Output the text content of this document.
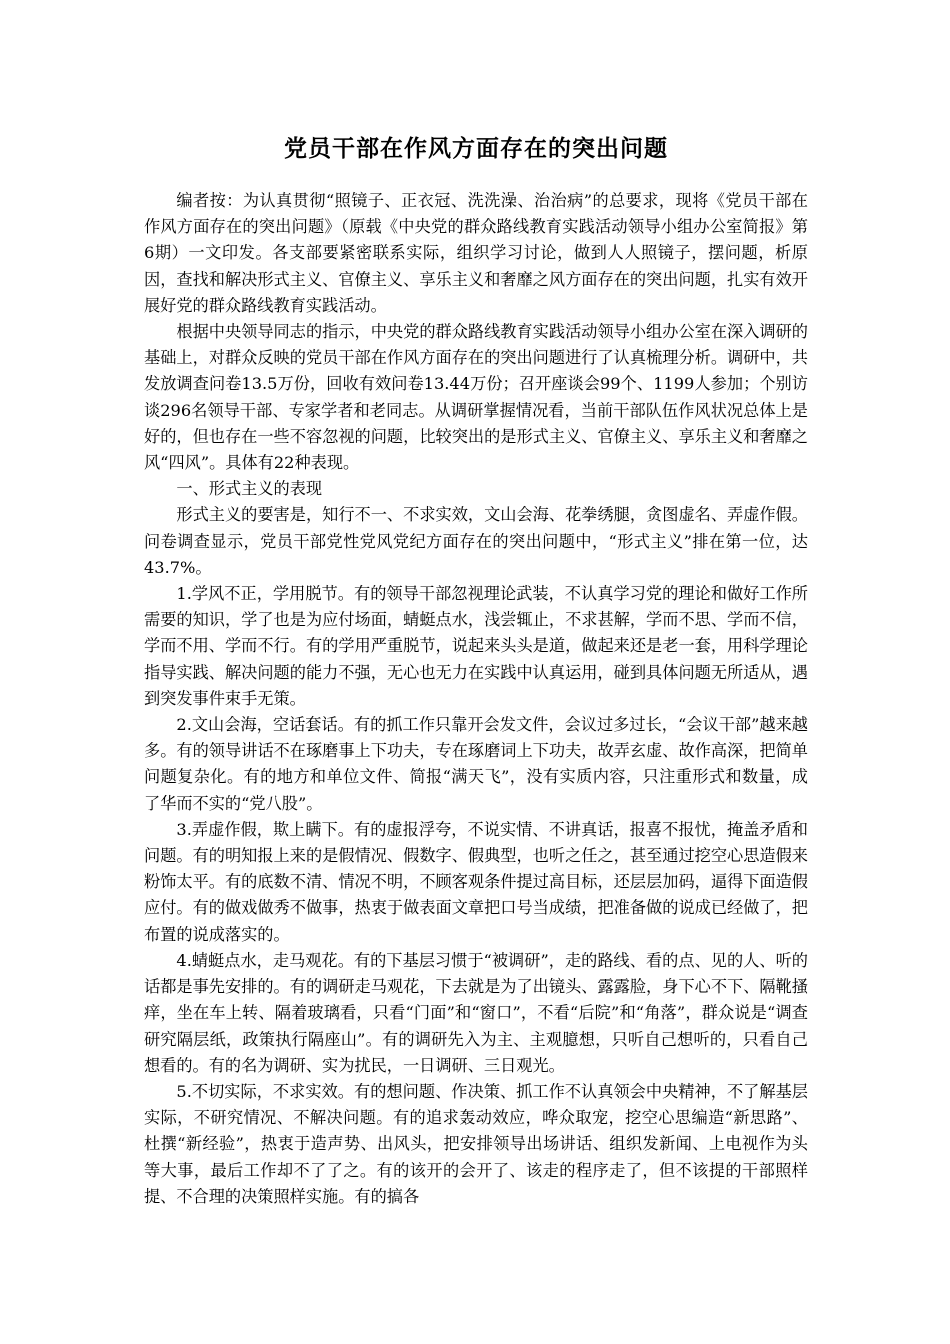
党员干部在作风方面存在的突出问题

编者按：为认真贯彻“照镜子、正衣冠、洗洗澡、治治病”的总要求，现将《党员干部在作风方面存在的突出问题》（原载《中央党的群众路线教育实践活动领导小组办公室简报》第6期）一文印发。各支部要紧密联系实际，组织学习讨论，做到人人照镜子，摆问题，析原因，查找和解决形式主义、官僚主义、享乐主义和奢靡之风方面存在的突出问题，扎实有效开展好党的群众路线教育实践活动。

根据中央领导同志的指示，中央党的群众路线教育实践活动领导小组办公室在深入调研的基础上，对群众反映的党员干部在作风方面存在的突出问题进行了认真梳理分析。调研中，共发放调查问卷13.5万份，回收有效问卷13.44万份；召开座谈会99个、1199人参加；个别访谈296名领导干部、专家学者和老同志。从调研掌握情况看，当前干部队伍作风状况总体上是好的，但也存在一些不容忽视的问题，比较突出的是形式主义、官僚主义、享乐主义和奢靡之风“四风”。具体有22种表现。

一、形式主义的表现

形式主义的要害是，知行不一、不求实效，文山会海、花拳绣腿，贪图虚名、弄虚作假。问卷调查显示，党员干部党性党风党纪方面存在的突出问题中，“形式主义”排在第一位，达43.7%。

1.学风不正，学用脱节。有的领导干部忽视理论武装，不认真学习党的理论和做好工作所需要的知识，学了也是为应付场面，蜻蜓点水，浅尝辄止，不求甚解，学而不思、学而不信，学而不用、学而不行。有的学用严重脱节，说起来头头是道，做起来还是老一套，用科学理论指导实践、解决问题的能力不强，无心也无力在实践中认真运用，碰到具体问题无所适从，遇到突发事件束手无策。

2.文山会海，空话套话。有的抓工作只靠开会发文件，会议过多过长，“会议干部”越来越多。有的领导讲话不在琢磨事上下功夫，专在琢磨词上下功夫，故弄玄虚、故作高深，把简单问题复杂化。有的地方和单位文件、简报“满天飞”，没有实质内容，只注重形式和数量，成了华而不实的“党八股”。

3.弄虚作假，欺上瞒下。有的虚报浮夸，不说实情、不讲真话，报喜不报忧，掩盖矛盾和问题。有的明知报上来的是假情况、假数字、假典型，也听之任之，甚至通过挖空心思造假来粉饰太平。有的底数不清、情况不明，不顾客观条件提过高目标，还层层加码，逼得下面造假应付。有的做戏做秀不做事，热衷于做表面文章把口号当成绩，把准备做的说成已经做了，把布置的说成落实的。

4.蜻蜓点水，走马观花。有的下基层习惯于“被调研”，走的路线、看的点、见的人、听的话都是事先安排的。有的调研走马观花，下去就是为了出镜头、露露脸，身下心不下、隔靴搔痒，坐在车上转、隔着玻璃看，只看“门面”和“窗口”，不看“后院”和“角落”，群众说是“调查研究隔层纸，政策执行隔座山”。有的调研先入为主、主观臆想，只听自己想听的，只看自己想看的。有的名为调研、实为扰民，一日调研、三日观光。

5.不切实际，不求实效。有的想问题、作决策、抓工作不认真领会中央精神，不了解基层实际，不研究情况、不解决问题。有的追求轰动效应，哗众取宠，挖空心思编造“新思路”、杜撰“新经验”，热衷于造声势、出风头，把安排领导出场讲话、组织发新闻、上电视作为头等大事，最后工作却不了了之。有的该开的会开了、该走的程序走了，但不该提的干部照样提、不合理的决策照样实施。有的搞各
